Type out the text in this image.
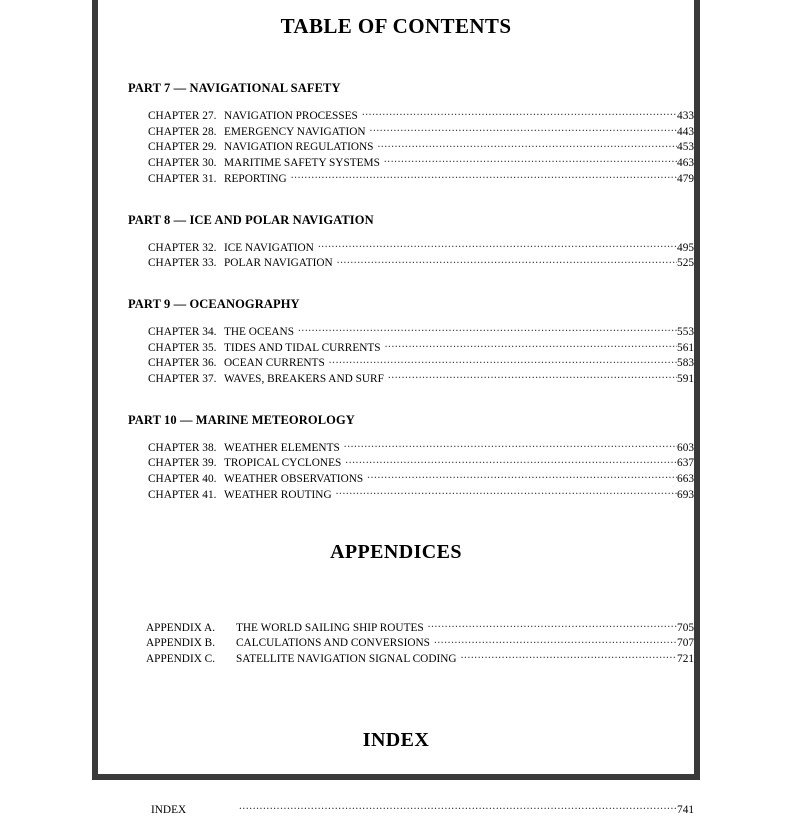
TABLE OF CONTENTS
PART 7 — NAVIGATIONAL SAFETY
CHAPTER 27. NAVIGATION PROCESSES .....	433
CHAPTER 28. EMERGENCY NAVIGATION .....	443
CHAPTER 29. NAVIGATION REGULATIONS .....	453
CHAPTER 30. MARITIME SAFETY SYSTEMS .....	463
CHAPTER 31. REPORTING .....	479
PART 8 — ICE AND POLAR NAVIGATION
CHAPTER 32. ICE NAVIGATION .....	495
CHAPTER 33. POLAR NAVIGATION .....	525
PART 9 — OCEANOGRAPHY
CHAPTER 34. THE OCEANS .....	553
CHAPTER 35. TIDES AND TIDAL CURRENTS .....	561
CHAPTER 36. OCEAN CURRENTS .....	583
CHAPTER 37. WAVES, BREAKERS AND SURF .....	591
PART 10 — MARINE METEOROLOGY
CHAPTER 38. WEATHER ELEMENTS .....	603
CHAPTER 39. TROPICAL CYCLONES .....	637
CHAPTER 40. WEATHER OBSERVATIONS .....	663
CHAPTER 41. WEATHER ROUTING .....	693
APPENDICES
APPENDIX A.	THE WORLD SAILING SHIP ROUTES .....	705
APPENDIX B.	CALCULATIONS AND CONVERSIONS .....	707
APPENDIX C.	SATELLITE NAVIGATION SIGNAL CODING .....	721
INDEX
INDEX .....	741
